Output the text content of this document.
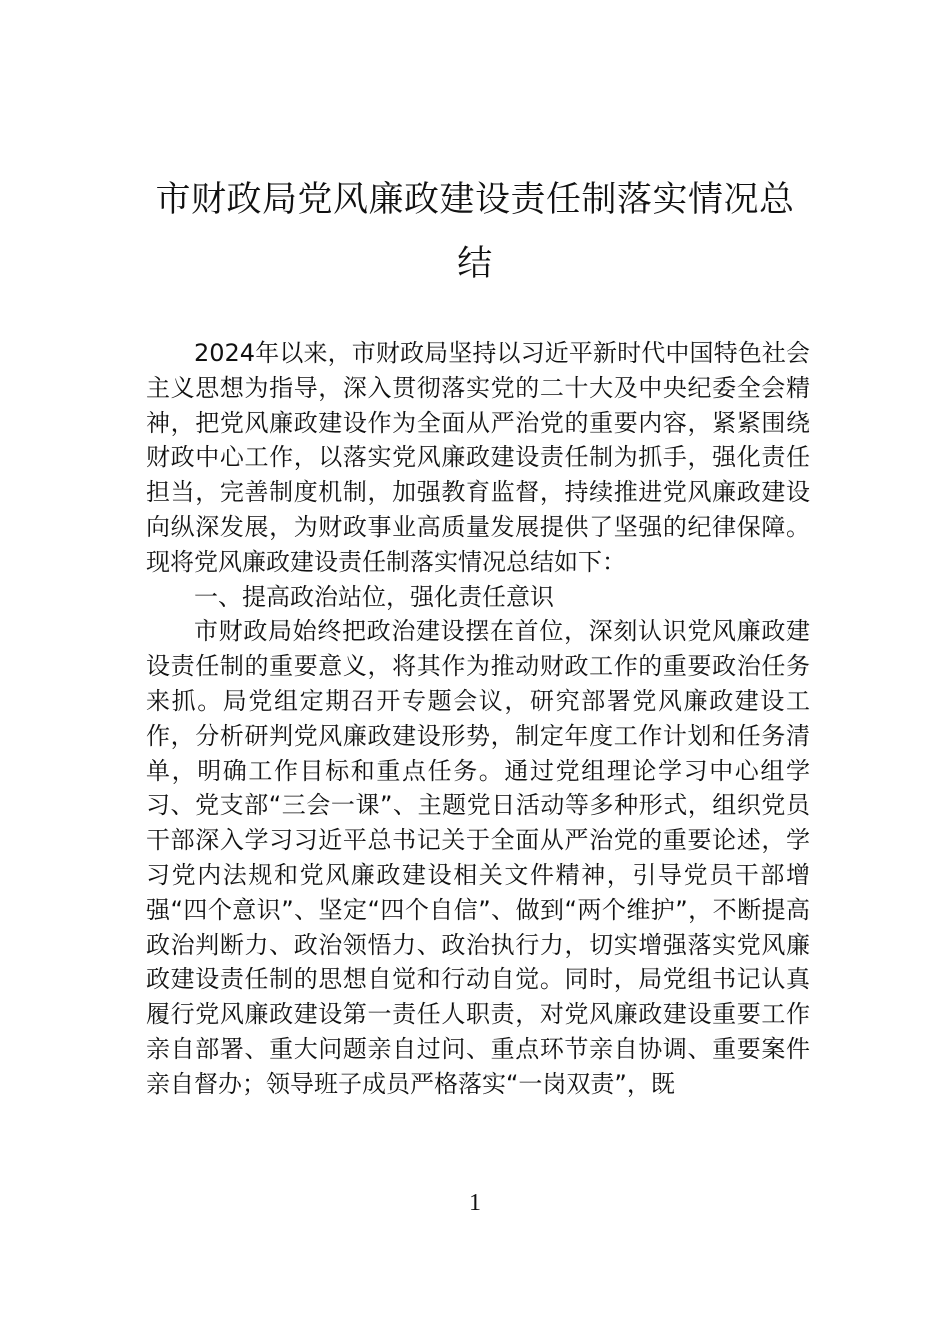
市财政局党风廉政建设责任制落实情况总结

2024年以来，市财政局坚持以习近平新时代中国特色社会主义思想为指导，深入贯彻落实党的二十大及中央纪委全会精神，把党风廉政建设作为全面从严治党的重要内容，紧紧围绕财政中心工作，以落实党风廉政建设责任制为抓手，强化责任担当，完善制度机制，加强教育监督，持续推进党风廉政建设向纵深发展，为财政事业高质量发展提供了坚强的纪律保障。现将党风廉政建设责任制落实情况总结如下：

一、提高政治站位，强化责任意识

市财政局始终把政治建设摆在首位，深刻认识党风廉政建设责任制的重要意义，将其作为推动财政工作的重要政治任务来抓。局党组定期召开专题会议，研究部署党风廉政建设工作，分析研判党风廉政建设形势，制定年度工作计划和任务清单，明确工作目标和重点任务。通过党组理论学习中心组学习、党支部“三会一课”、主题党日活动等多种形式，组织党员干部深入学习习近平总书记关于全面从严治党的重要论述，学习党内法规和党风廉政建设相关文件精神，引导党员干部增强“四个意识”、坚定“四个自信”、做到“两个维护”，不断提高政治判断力、政治领悟力、政治执行力，切实增强落实党风廉政建设责任制的思想自觉和行动自觉。同时，局党组书记认真履行党风廉政建设第一责任人职责，对党风廉政建设重要工作亲自部署、重大问题亲自过问、重点环节亲自协调、重要案件亲自督办；领导班子成员严格落实“一岗双责”，既

1
